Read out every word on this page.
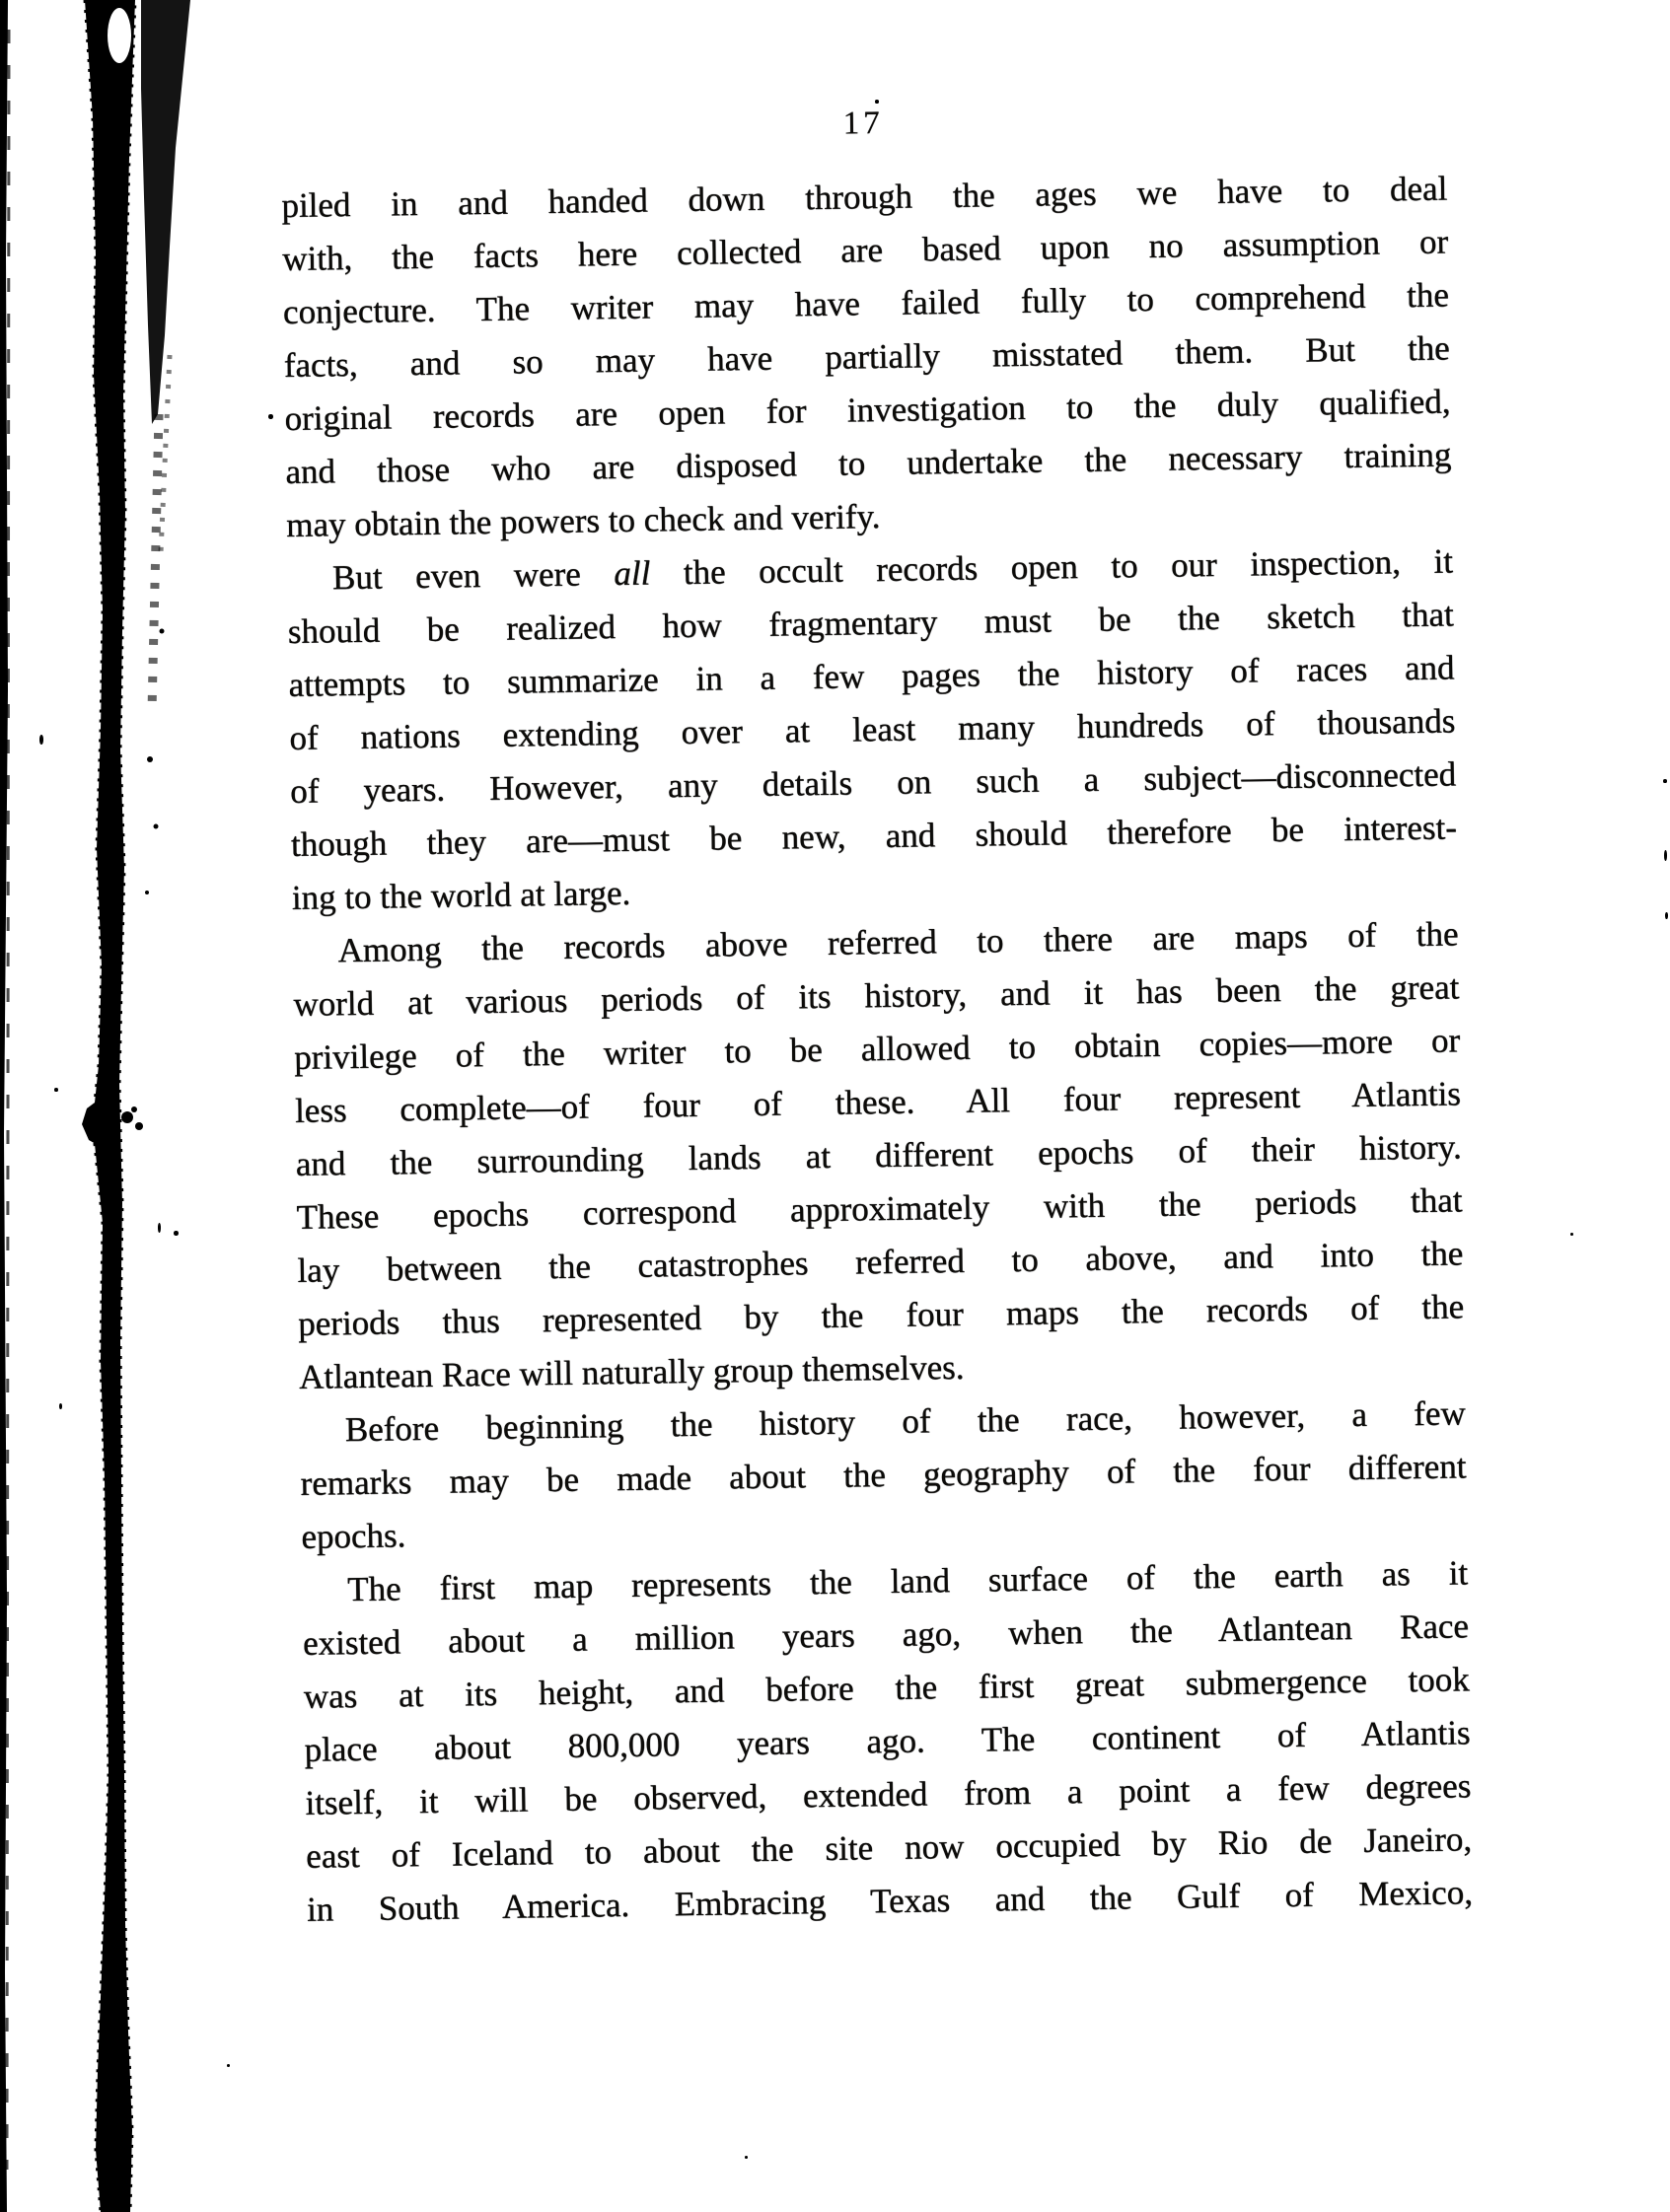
17
piled in and handed down through the ages we have to deal
with, the facts here collected are based upon no assumption or
conjecture. The writer may have failed fully to comprehend the
facts, and so may have partially misstated them. But the
original records are open for investigation to the duly qualified,
and those who are disposed to undertake the necessary training
may obtain the powers to check and verify.
But even were all the occult records open to our inspection, it
should be realized how fragmentary must be the sketch that
attempts to summarize in a few pages the history of races and
of nations extending over at least many hundreds of thousands
of years. However, any details on such a subject—disconnected
though they are—must be new, and should therefore be interest-
ing to the world at large.
Among the records above referred to there are maps of the
world at various periods of its history, and it has been the great
privilege of the writer to be allowed to obtain copies—more or
less complete—of four of these. All four represent Atlantis
and the surrounding lands at different epochs of their history.
These epochs correspond approximately with the periods that
lay between the catastrophes referred to above, and into the
periods thus represented by the four maps the records of the
Atlantean Race will naturally group themselves.
Before beginning the history of the race, however, a few
remarks may be made about the geography of the four different
epochs.
The first map represents the land surface of the earth as it
existed about a million years ago, when the Atlantean Race
was at its height, and before the first great submergence took
place about 800,000 years ago. The continent of Atlantis
itself, it will be observed, extended from a point a few degrees
east of Iceland to about the site now occupied by Rio de Janeiro,
in South America. Embracing Texas and the Gulf of Mexico,
